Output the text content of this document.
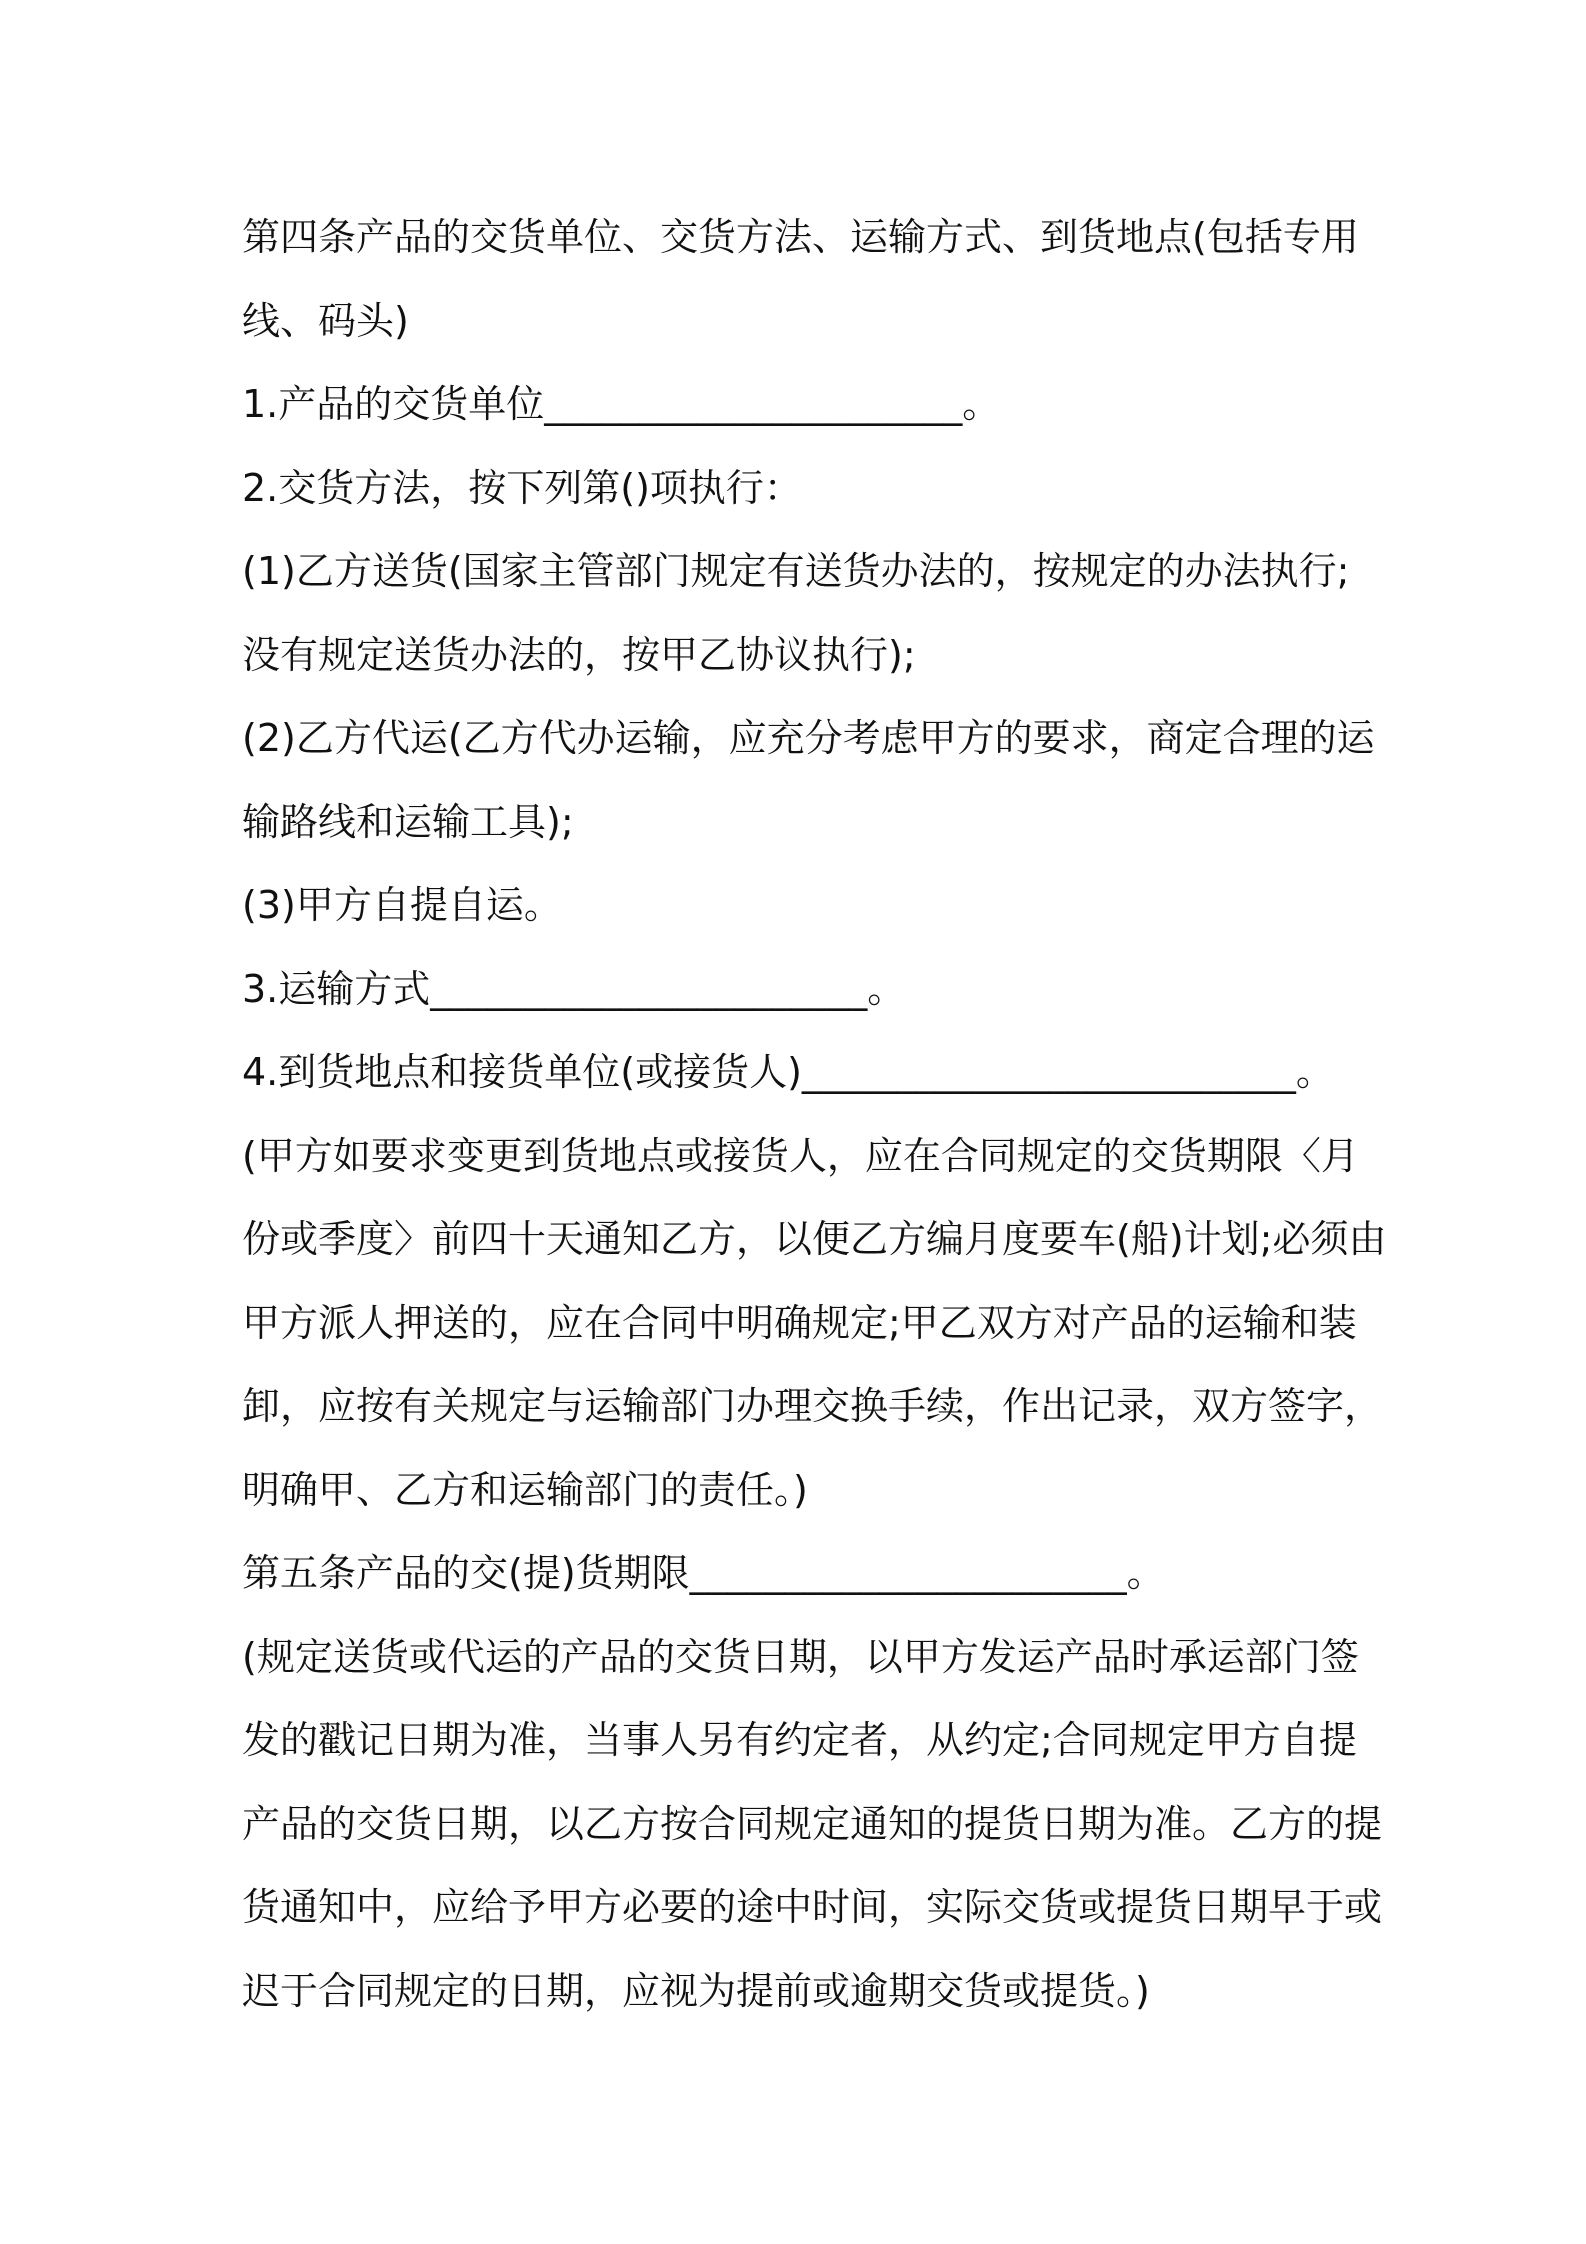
第四条产品的交货单位、交货方法、运输方式、到货地点(包括专用
线、码头)
1.产品的交货单位______________________。
2.交货方法，按下列第()项执行：
(1)乙方送货(国家主管部门规定有送货办法的，按规定的办法执行;
没有规定送货办法的，按甲乙协议执行);
(2)乙方代运(乙方代办运输，应充分考虑甲方的要求，商定合理的运
输路线和运输工具);
(3)甲方自提自运。
3.运输方式_______________________。
4.到货地点和接货单位(或接货人)__________________________。
(甲方如要求变更到货地点或接货人，应在合同规定的交货期限〈月
份或季度〉前四十天通知乙方，以便乙方编月度要车(船)计划;必须由
甲方派人押送的，应在合同中明确规定;甲乙双方对产品的运输和装
卸，应按有关规定与运输部门办理交换手续，作出记录，双方签字，
明确甲、乙方和运输部门的责任。)
第五条产品的交(提)货期限_______________________。
(规定送货或代运的产品的交货日期，以甲方发运产品时承运部门签
发的戳记日期为准，当事人另有约定者，从约定;合同规定甲方自提
产品的交货日期，以乙方按合同规定通知的提货日期为准。乙方的提
货通知中，应给予甲方必要的途中时间，实际交货或提货日期早于或
迟于合同规定的日期，应视为提前或逾期交货或提货。)
